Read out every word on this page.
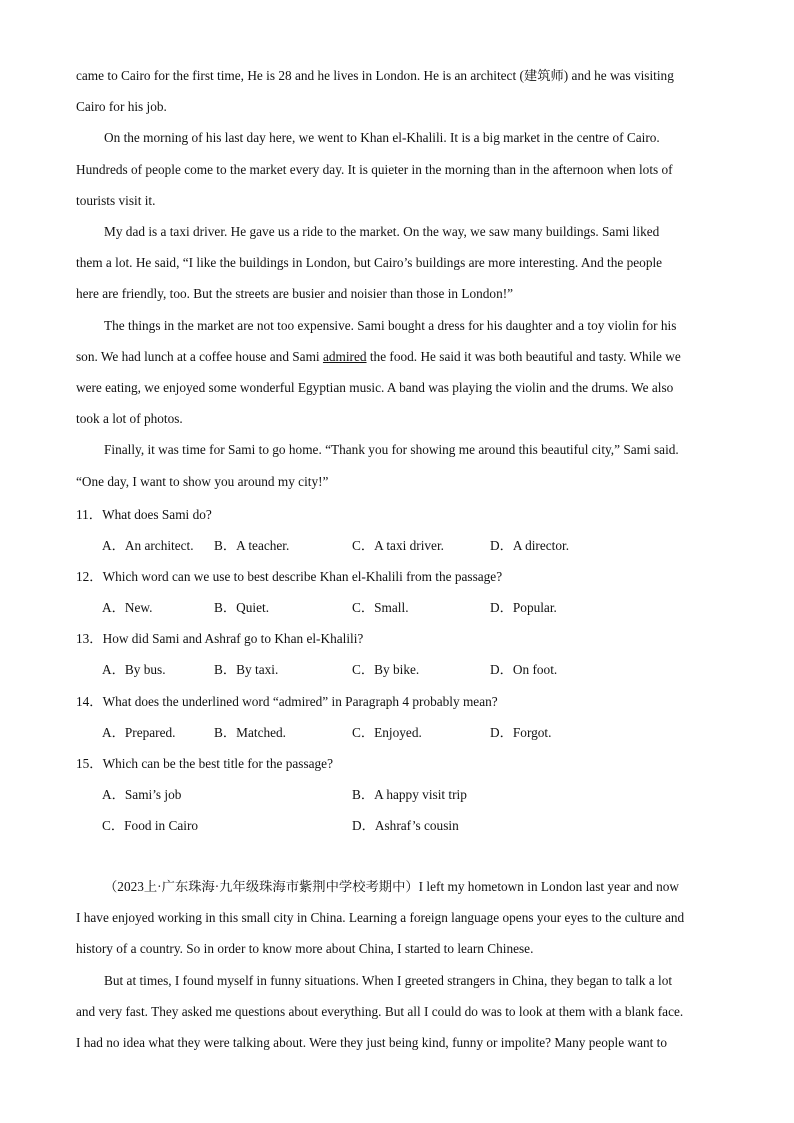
came to Cairo for the first time, He is 28 and he lives in London. He is an architect (建筑师) and he was visiting
Cairo for his job.
On the morning of his last day here, we went to Khan el-Khalili. It is a big market in the centre of Cairo.
Hundreds of people come to the market every day. It is quieter in the morning than in the afternoon when lots of
tourists visit it.
My dad is a taxi driver. He gave us a ride to the market. On the way, we saw many buildings. Sami liked
them a lot. He said, “I like the buildings in London, but Cairo’s buildings are more interesting. And the people
here are friendly, too. But the streets are busier and noisier than those in London!”
The things in the market are not too expensive. Sami bought a dress for his daughter and a toy violin for his
son. We had lunch at a coffee house and Sami admired the food. He said it was both beautiful and tasty. While we
were eating, we enjoyed some wonderful Egyptian music. A band was playing the violin and the drums. We also
took a lot of photos.
Finally, it was time for Sami to go home. “Thank you for showing me around this beautiful city,” Sami said.
“One day, I want to show you around my city!”
11．What does Sami do?
A．An architect. B．A teacher.	C．A taxi driver.	D．A director.
12．Which word can we use to best describe Khan el-Khalili from the passage?
A．New.	B．Quiet.	C．Small.	D．Popular.
13．How did Sami and Ashraf go to Khan el-Khalili?
A．By bus.	B．By taxi.	C．By bike.	D．On foot.
14．What does the underlined word “admired” in Paragraph 4 probably mean?
A．Prepared.	B．Matched.	C．Enjoyed.	D．Forgot.
15．Which can be the best title for the passage?
A．Sami’s job	B．A happy visit trip
C．Food in Cairo	D．Ashraf’s cousin
（2023上·广东珠海·九年级珠海市紫荆中学校考期中）I left my hometown in London last year and now
I have enjoyed working in this small city in China. Learning a foreign language opens your eyes to the culture and
history of a country. So in order to know more about China, I started to learn Chinese.
But at times, I found myself in funny situations. When I greeted strangers in China, they began to talk a lot
and very fast. They asked me questions about everything. But all I could do was to look at them with a blank face.
I had no idea what they were talking about. Were they just being kind, funny or impolite? Many people want to
